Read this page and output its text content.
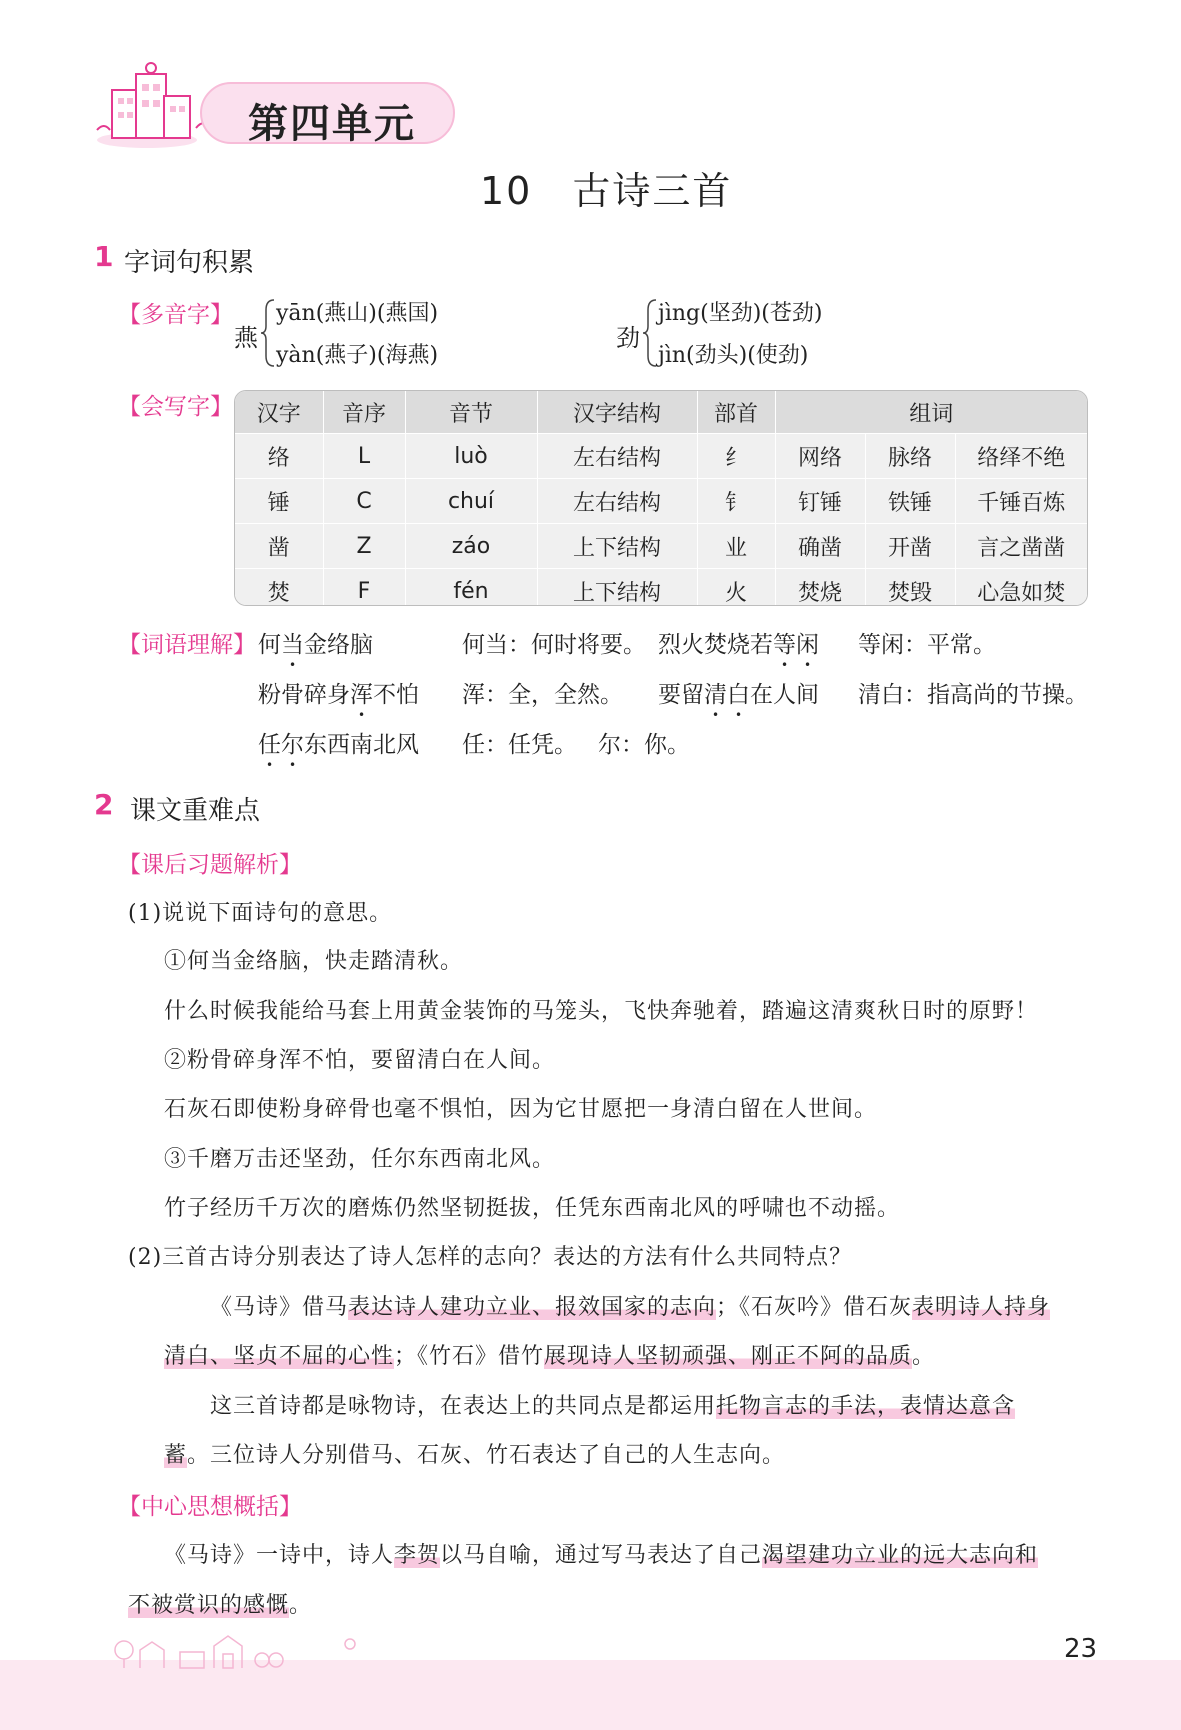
第四单元
10　古诗三首
1 字词句积累
【多音字】
燕
yān(燕山)(燕国)
yàn(燕子)(海燕)
劲
jìng(坚劲)(苍劲)
jìn(劲头)(使劲)
【会写字】 汉字	音序	音节	汉字结构	部首	组词		
络	L	luò	左右结构	纟	网络	脉络	络绎不绝
锤	C	chuí	左右结构	钅	钉锤	铁锤	千锤百炼
凿	Z	záo	上下结构	业	确凿	开凿	言之凿凿
焚	F	fén	上下结构	火	焚烧	焚毁	心急如焚
【词语理解】 何当金络脑	何当：何时将要。 烈火焚烧若等闲 等闲：平常。
粉骨碎身浑不怕 浑：全，全然。 要留清白在人间 清白：指高尚的节操。
任尔东西南北风 任：任凭。 尔：你。
2 课文重难点
【课后习题解析】
(1)说说下面诗句的意思。
①何当金络脑，快走踏清秋。
什么时候我能给马套上用黄金装饰的马笼头，飞快奔驰着，踏遍这清爽秋日时的原野！
②粉骨碎身浑不怕，要留清白在人间。
石灰石即使粉身碎骨也毫不惧怕，因为它甘愿把一身清白留在人世间。
③千磨万击还坚劲，任尔东西南北风。
竹子经历千万次的磨炼仍然坚韧挺拔，任凭东西南北风的呼啸也不动摇。
(2)三首古诗分别表达了诗人怎样的志向？表达的方法有什么共同特点？
《马诗》借马表达诗人建功立业、报效国家的志向；《石灰吟》借石灰表明诗人持身
清白、坚贞不屈的心性；《竹石》借竹展现诗人坚韧顽强、刚正不阿的品质。
这三首诗都是咏物诗，在表达上的共同点是都运用托物言志的手法，表情达意含
蓄。三位诗人分别借马、石灰、竹石表达了自己的人生志向。
【中心思想概括】
《马诗》一诗中，诗人李贺以马自喻，通过写马表达了自己渴望建功立业的远大志向和
不被赏识的感慨。
23
